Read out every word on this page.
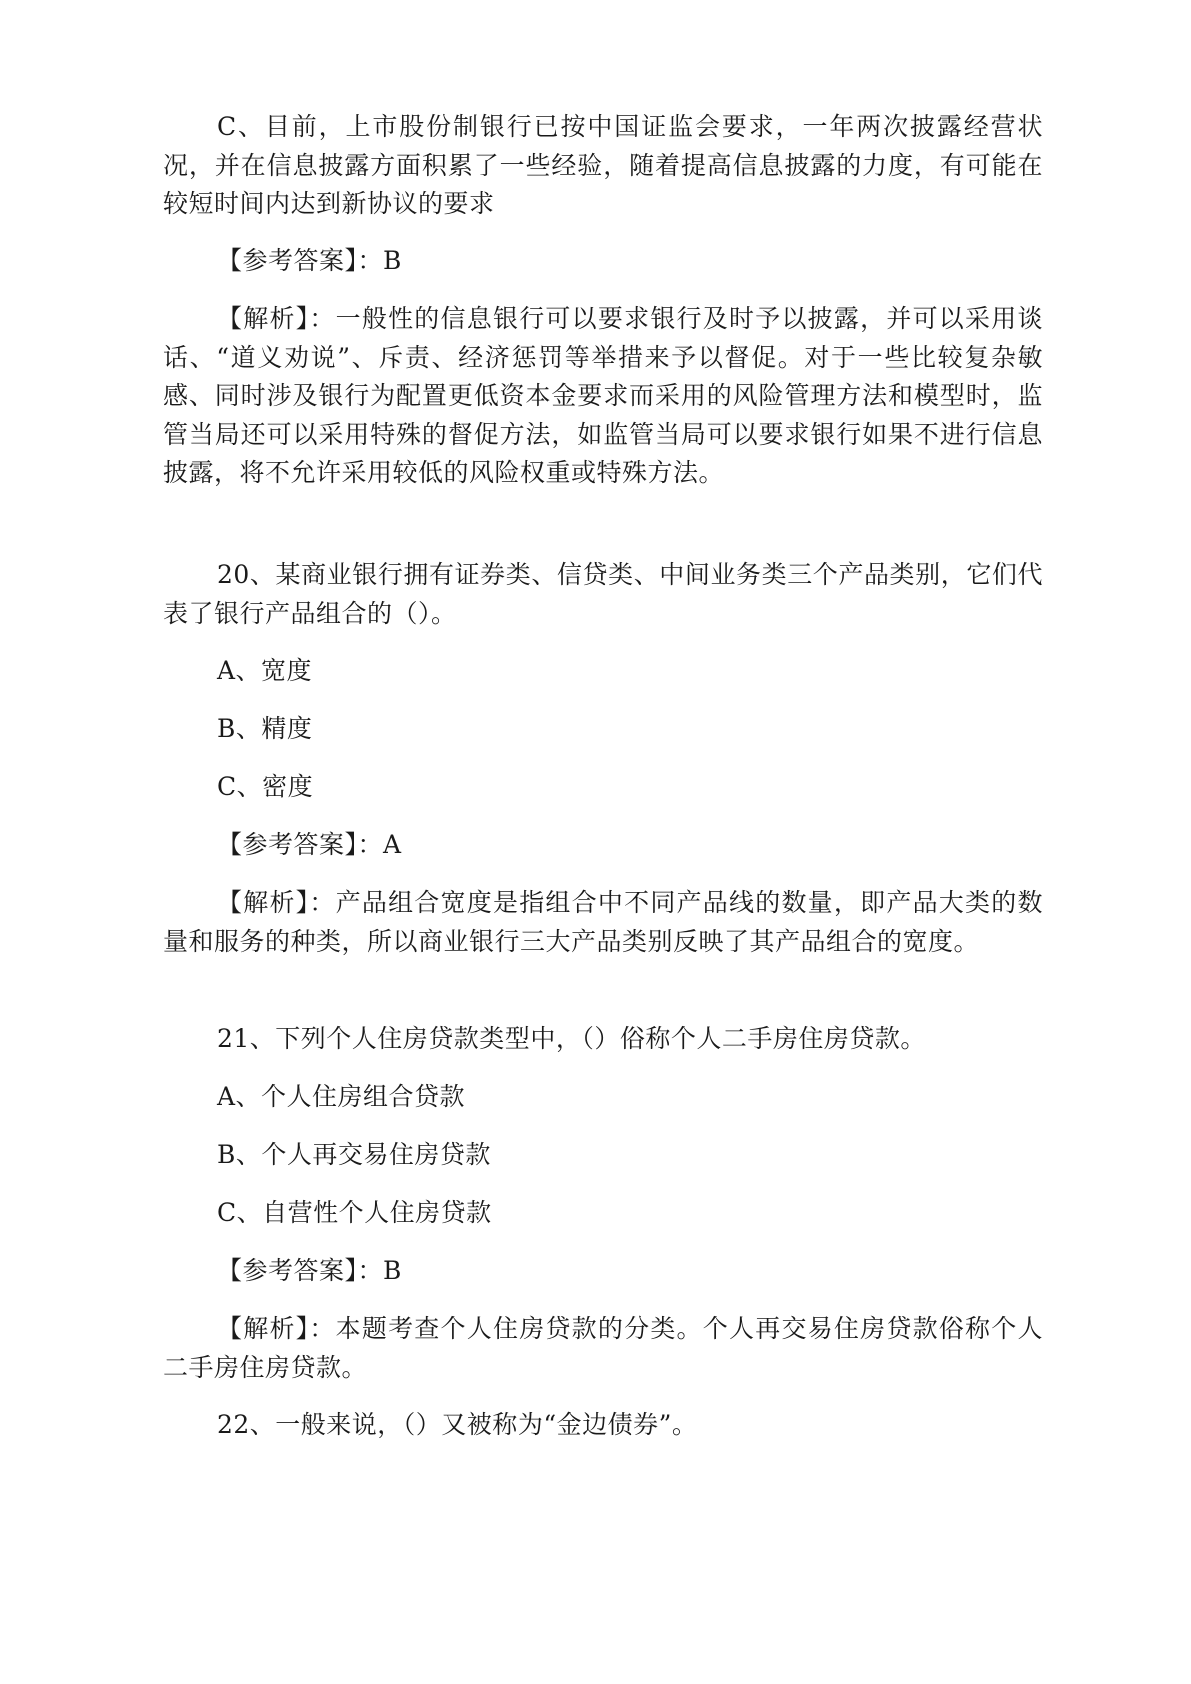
C、目前，上市股份制银行已按中国证监会要求，一年两次披露经营状况，并在信息披露方面积累了一些经验，随着提高信息披露的力度，有可能在较短时间内达到新协议的要求

【参考答案】：B

【解析】：一般性的信息银行可以要求银行及时予以披露，并可以采用谈话、“道义劝说”、斥责、经济惩罚等举措来予以督促。对于一些比较复杂敏感、同时涉及银行为配置更低资本金要求而采用的风险管理方法和模型时，监管当局还可以采用特殊的督促方法，如监管当局可以要求银行如果不进行信息披露，将不允许采用较低的风险权重或特殊方法。

20、某商业银行拥有证券类、信贷类、中间业务类三个产品类别，它们代表了银行产品组合的（）。

A、宽度

B、精度

C、密度

【参考答案】：A

【解析】：产品组合宽度是指组合中不同产品线的数量，即产品大类的数量和服务的种类，所以商业银行三大产品类别反映了其产品组合的宽度。

21、下列个人住房贷款类型中，（）俗称个人二手房住房贷款。

A、个人住房组合贷款

B、个人再交易住房贷款

C、自营性个人住房贷款

【参考答案】：B

【解析】：本题考查个人住房贷款的分类。个人再交易住房贷款俗称个人二手房住房贷款。

22、一般来说，（）又被称为“金边债券”。
